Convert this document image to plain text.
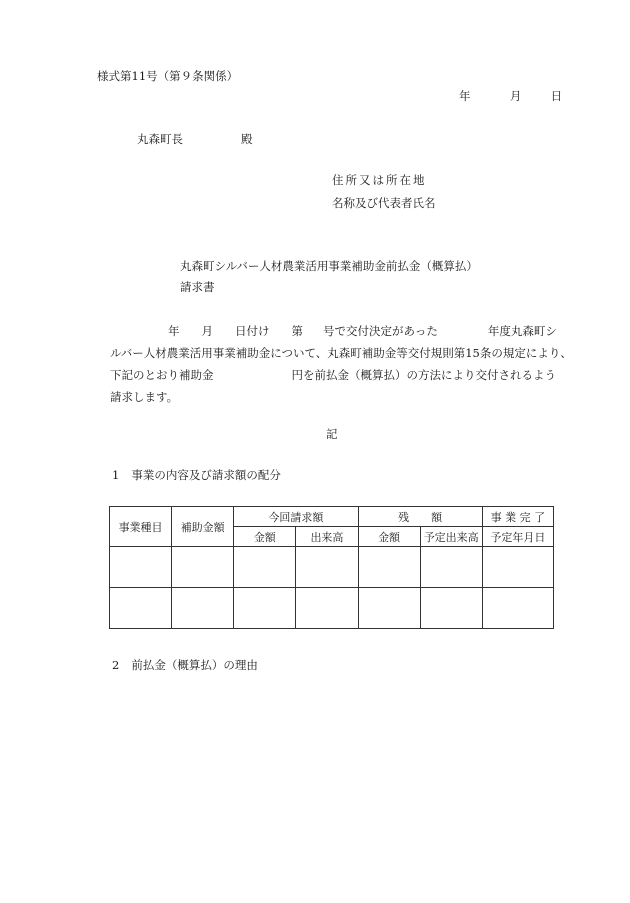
様式第11号（第９条関係）
年	月	日
丸森町長	殿
住所又は所在地
名称及び代表者氏名
丸森町シルバー人材農業活用事業補助金前払金（概算払）
請求書
年 月 日付け 第 号で交付決定があった	年度丸森町シ
ルバー人材農業活用事業補助金について、丸森町補助金等交付規則第15条の規定により、
下記のとおり補助金	円を前払金（概算払）の方法により交付されるよう
請求します。
記
1 事業の内容及び請求額の配分
事業種目	補助金額	今回請求額		残　　額		事 業 完 了
		金額	出来高	金額	予定出来高	予定年月日

2 前払金（概算払）の理由
